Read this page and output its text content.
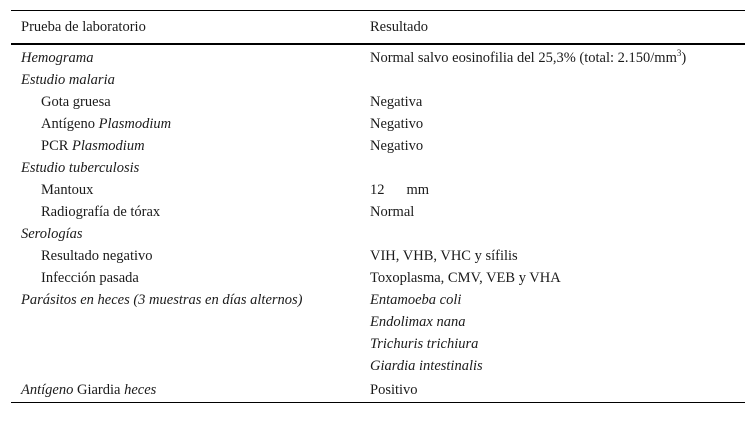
Prueba de laboratorio	Resultado
Hemograma	Normal salvo eosinofilia del 25,3% (total: $2.150/mm^3$)
Estudio malaria	
Gota gruesa	Negativa
Antígeno Plasmodium	Negativo
PCR Plasmodium	Negativo
Estudio tuberculosis	
Mantoux	12 mm
Radiografía de tórax	Normal
Serologías	
Resultado negativo	VIH, VHB, VHC y sífilis
Infección pasada	Toxoplasma, CMV, VEB y VHA
Parásitos en heces (3 muestras en días alternos)	Entamoeba coli
	Endolimax nana
	Trichuris trichiura
	Giardia intestinalis
Antígeno Giardia heces	Positivo
